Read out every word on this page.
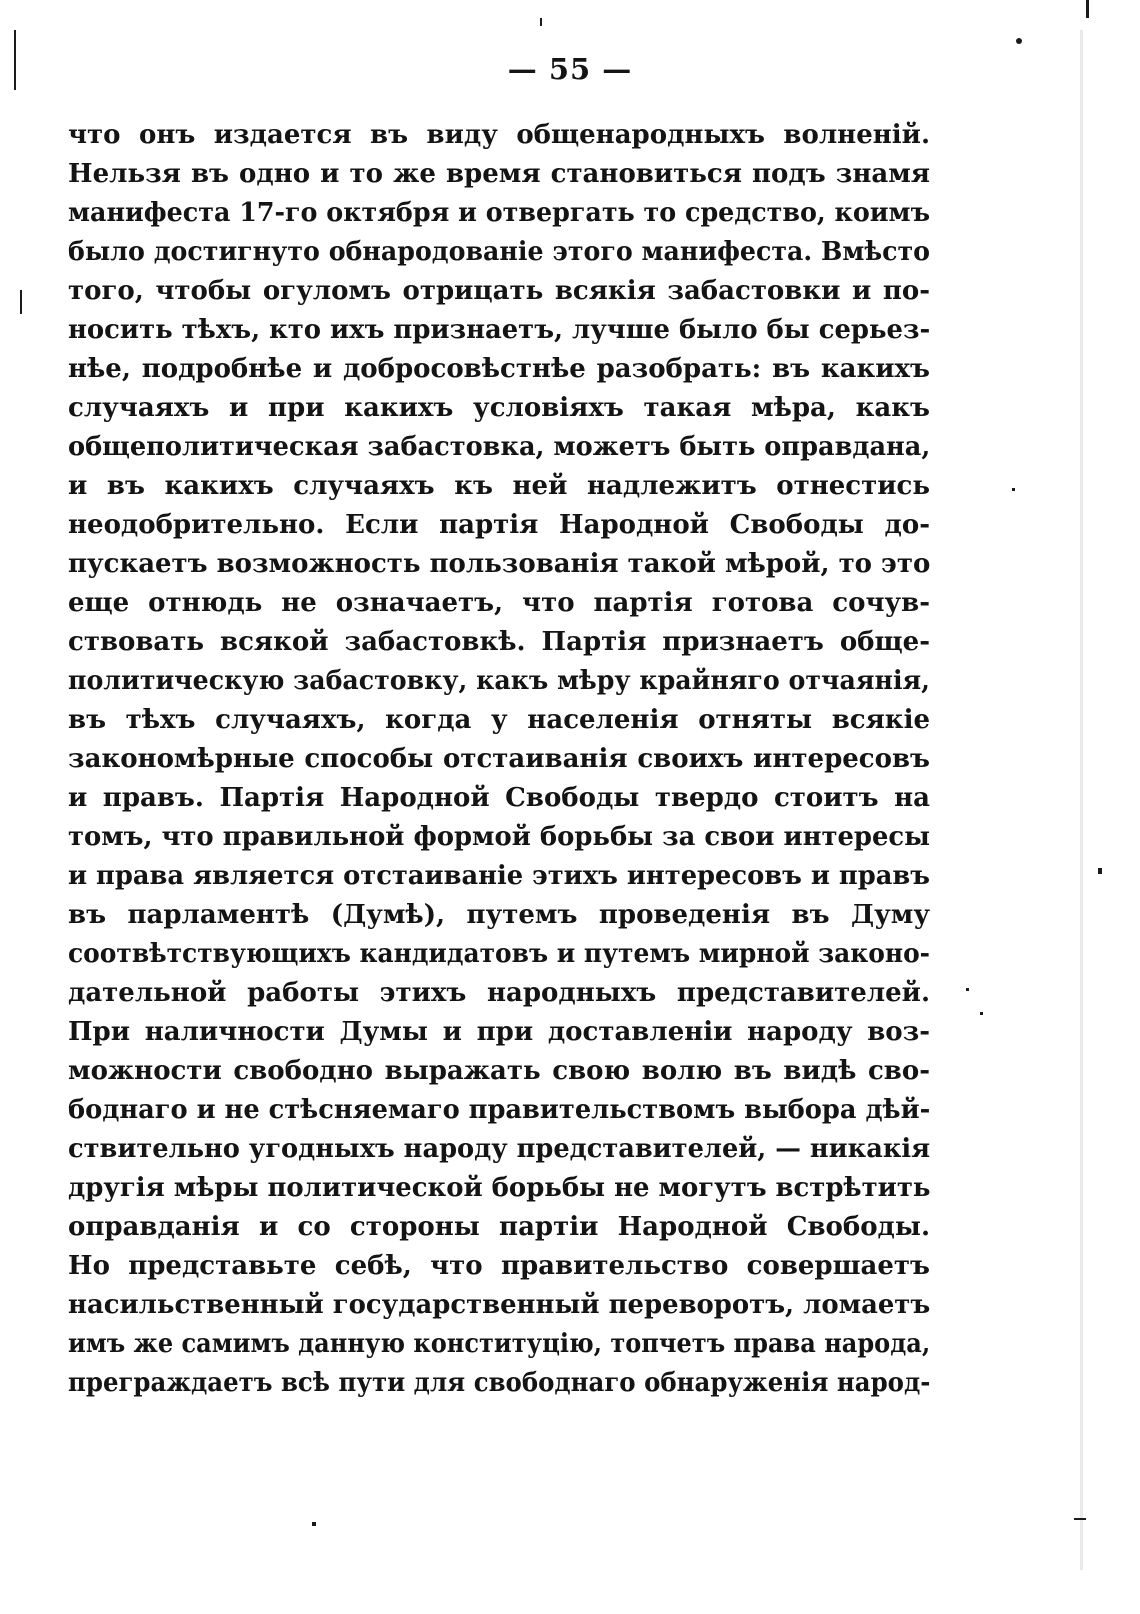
— 55 —
что онъ издается въ виду общенародныхъ волненій.
Нельзя въ одно и то же время становиться подъ знамя
манифеста 17-го октября и отвергать то средство, коимъ
было достигнуто обнародованіе этого манифеста. Вмѣсто
того, чтобы огуломъ отрицать всякія забастовки и по-
носить тѣхъ, кто ихъ признаетъ, лучше было бы серьез-
нѣе, подробнѣе и добросовѣстнѣе разобрать: въ какихъ
случаяхъ и при какихъ условіяхъ такая мѣра, какъ
общеполитическая забастовка, можетъ быть оправдана,
и въ какихъ случаяхъ къ ней надлежитъ отнестись
неодобрительно. Если партія Народной Свободы до-
пускаетъ возможность пользованія такой мѣрой, то это
еще отнюдь не означаетъ, что партія готова сочув-
ствовать всякой забастовкѣ. Партія признаетъ обще-
политическую забастовку, какъ мѣру крайняго отчаянія,
въ тѣхъ случаяхъ, когда у населенія отняты всякіе
закономѣрные способы отстаиванія своихъ интересовъ
и правъ. Партія Народной Свободы твердо стоитъ на
томъ, что правильной формой борьбы за свои интересы
и права является отстаиваніе этихъ интересовъ и правъ
въ парламентѣ (Думѣ), путемъ проведенія въ Думу
соотвѣтствующихъ кандидатовъ и путемъ мирной законо-
дательной работы этихъ народныхъ представителей.
При наличности Думы и при доставленіи народу воз-
можности свободно выражать свою волю въ видѣ сво-
боднаго и не стѣсняемаго правительствомъ выбора дѣй-
ствительно угодныхъ народу представителей, — никакія
другія мѣры политической борьбы не могутъ встрѣтить
оправданія и со стороны партіи Народной Свободы.
Но представьте себѣ, что правительство совершаетъ
насильственный государственный переворотъ, ломаетъ
имъ же самимъ данную конституцію, топчетъ права народа,
преграждаетъ всѣ пути для свободнаго обнаруженія народ-
